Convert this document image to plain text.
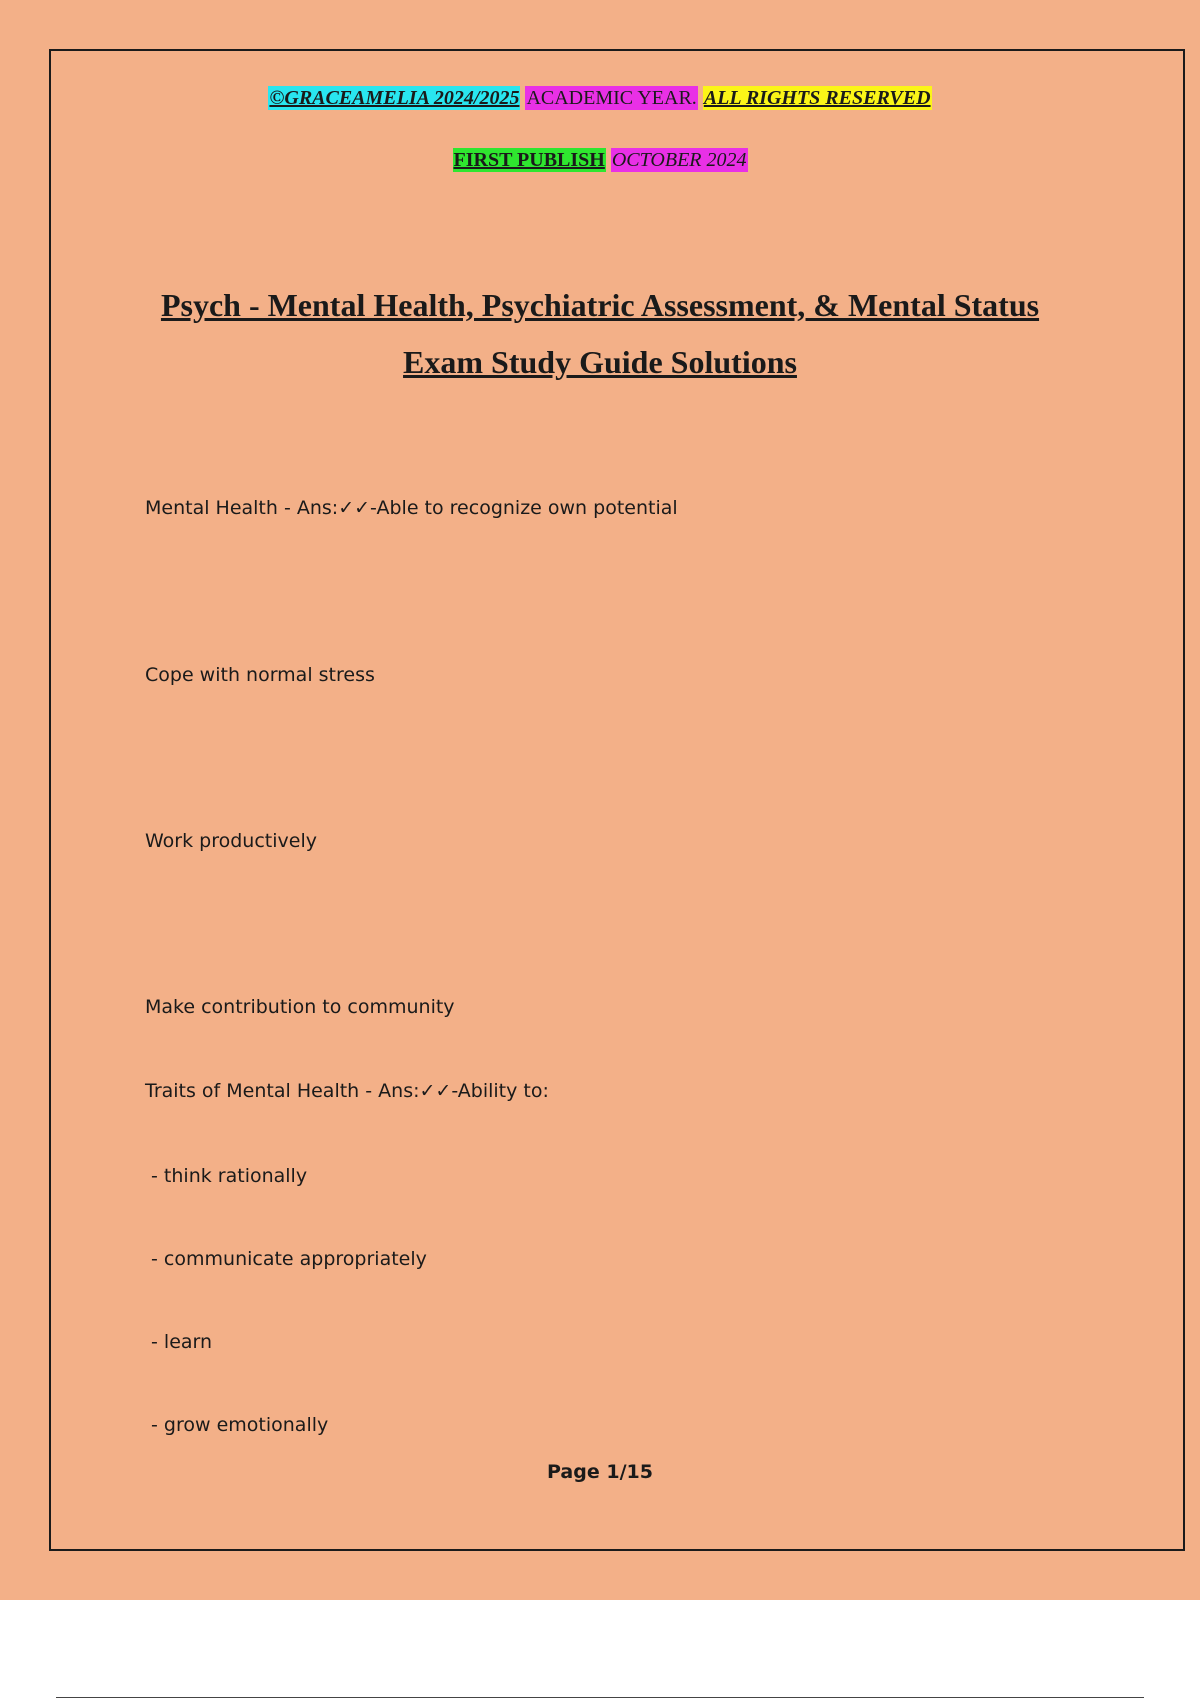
©GRACEAMELIA 2024/2025 ACADEMIC YEAR. ALL RIGHTS RESERVED
FIRST PUBLISH OCTOBER 2024
Psych - Mental Health, Psychiatric Assessment, & Mental Status
Exam Study Guide Solutions
Mental Health - Ans:✓✓-Able to recognize own potential
Cope with normal stress
Work productively
Make contribution to community
Traits of Mental Health - Ans:✓✓-Ability to:
- think rationally
- communicate appropriately
- learn
- grow emotionally
Page 1/15
